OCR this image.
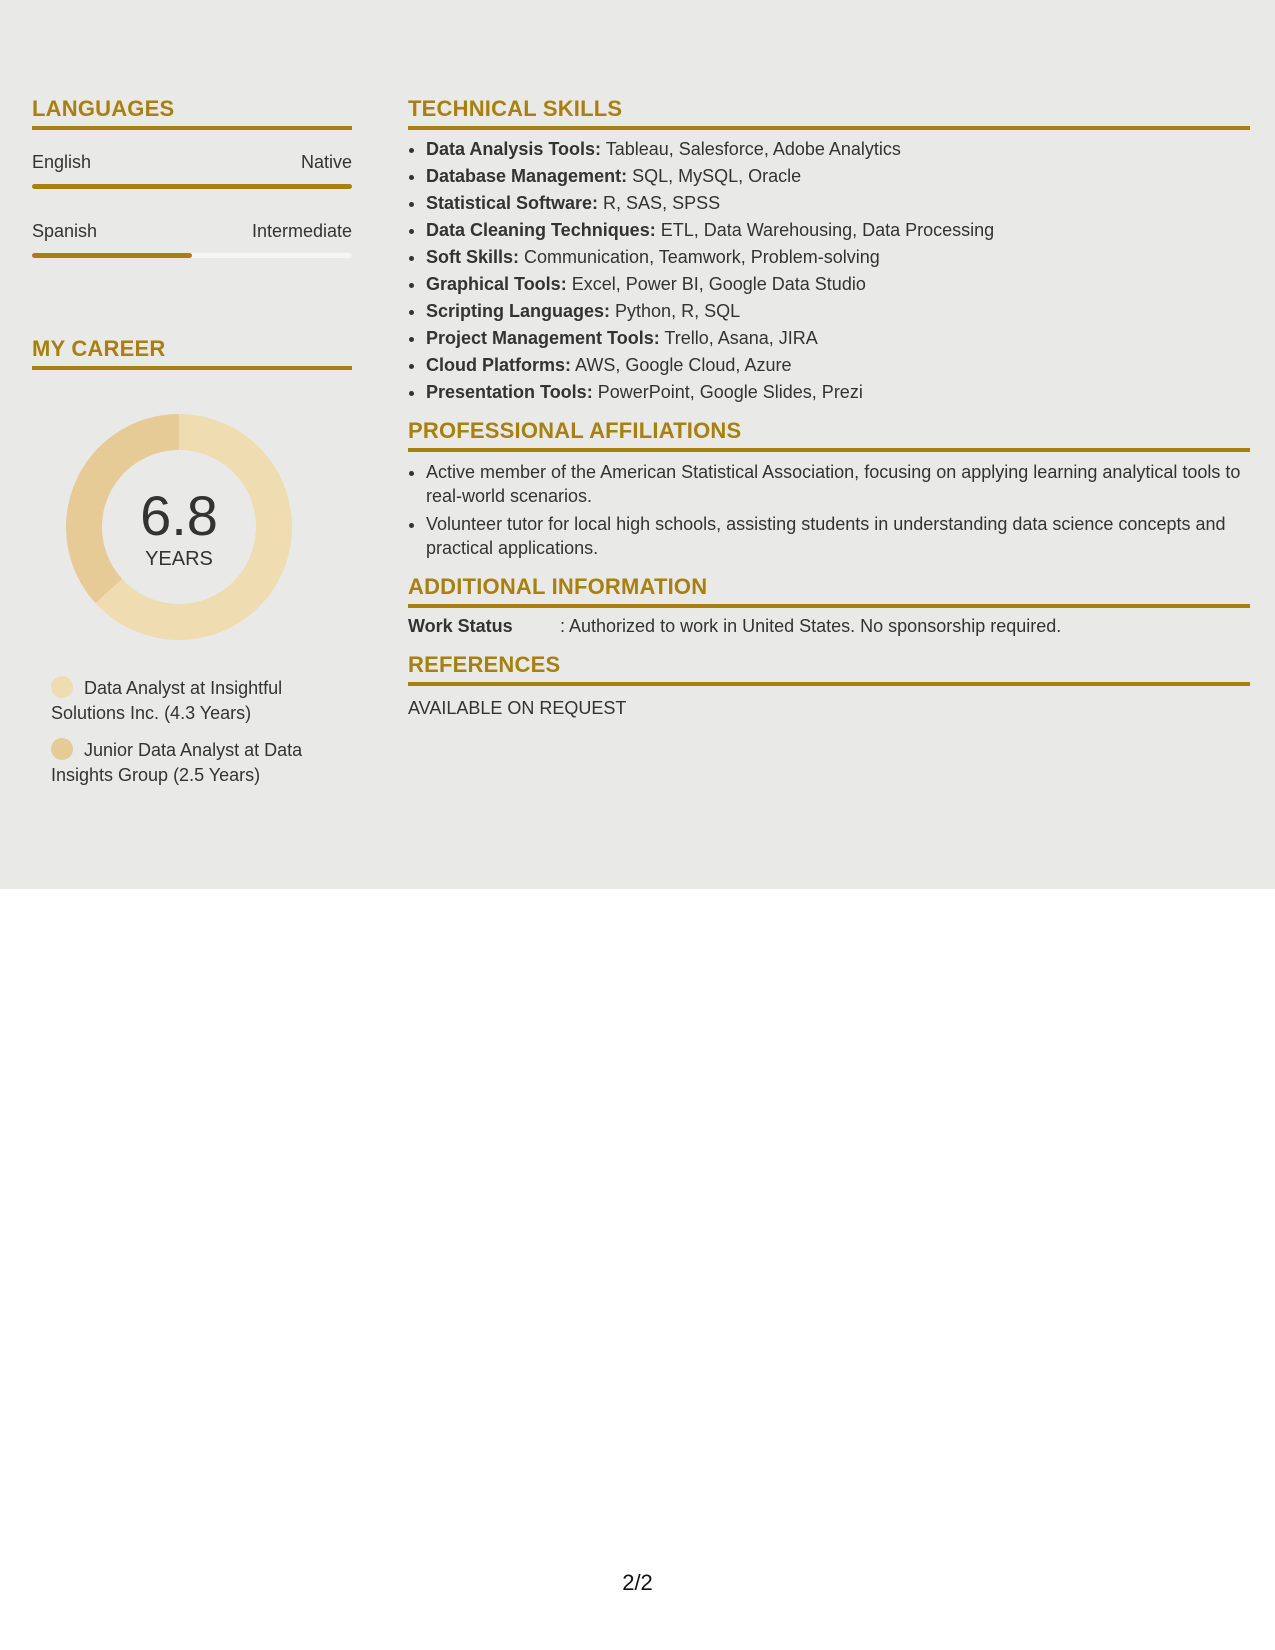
LANGUAGES
English	Native
Spanish	Intermediate
MY CAREER
6.8
YEARS
Data Analyst at Insightful Solutions Inc. (4.3 Years)
Junior Data Analyst at Data Insights Group (2.5 Years)
TECHNICAL SKILLS
• Data Analysis Tools: Tableau, Salesforce, Adobe Analytics
• Database Management: SQL, MySQL, Oracle
• Statistical Software: R, SAS, SPSS
• Data Cleaning Techniques: ETL, Data Warehousing, Data Processing
• Soft Skills: Communication, Teamwork, Problem-solving
• Graphical Tools: Excel, Power BI, Google Data Studio
• Scripting Languages: Python, R, SQL
• Project Management Tools: Trello, Asana, JIRA
• Cloud Platforms: AWS, Google Cloud, Azure
• Presentation Tools: PowerPoint, Google Slides, Prezi
PROFESSIONAL AFFILIATIONS
• Active member of the American Statistical Association, focusing on applying learning analytical tools to real-world scenarios.
• Volunteer tutor for local high schools, assisting students in understanding data science concepts and practical applications.
ADDITIONAL INFORMATION
Work Status	: Authorized to work in United States. No sponsorship required.
REFERENCES
AVAILABLE ON REQUEST
2/2
